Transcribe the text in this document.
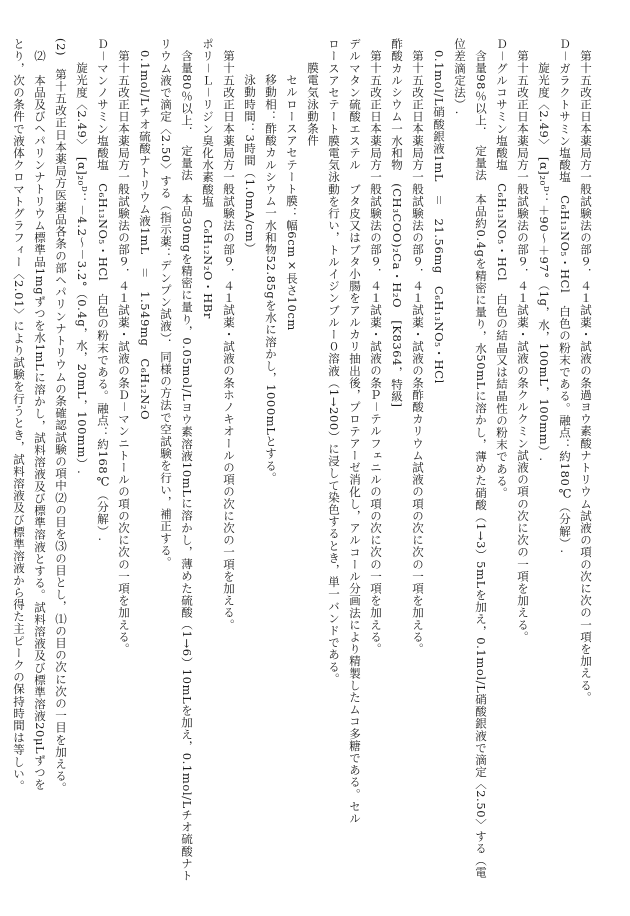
第十五改正日本薬局方一般試験法の部９．４１試薬・試液の条過ヨウ素酸ナトリウム試液の項の次に次の一項を加える。
Ｄ－ガラクトサミン塩酸塩　C₆H₁₃NO₅・HCl　白色の粉末である。融点：約180℃（分解）.
旋光度〈2.49〉　[α]₂₀ᴰ：＋90～＋97°（1g，水，100mL，100mm）.
第十五改正日本薬局方一般試験法の部９．４１試薬・試液の条クルクミン試液の項の次に次の一項を加える。
Ｄ－グルコサミン塩酸塩　C₆H₁₃NO₅・HCl　白色の結晶又は結晶性の粉末である。
含量98％以上．　定量法　本品約0.4gを精密に量り，水50mLに溶かし，薄めた硝酸（1→3）5mLを加え，0.1mol/L硝酸銀液で滴定〈2.50〉する（電
位差滴定法）.
0.1mol/L硝酸銀液1mL　＝　21.56mg　C₆H₁₃NO₅・HCl
第十五改正日本薬局方一般試験法の部９．４１試薬・試液の条酢酸カリウム試液の項の次に次の一項を加える。
酢酸カルシウム一水和物　(CH₃COO)₂Ca・H₂O　[K8364，特級]
第十五改正日本薬局方一般試験法の部９．４１試薬・試液の条ｐ－テルフェニルの項の次に次の一項を加える。
デルマタン硫酸エステル　ブタ皮又はブタ小腸をアルカリ抽出後，プロテアーゼ消化し，アルコール分画法により精製したムコ多糖である。セル
ロースアセテート膜電気泳動を行い，トルイジンブルー０溶液（1→200）に浸して染色するとき，単一バンドである。
膜電気泳動条件
セルロースアセテート膜：幅6cm×長さ10cm
移動相：酢酸カルシウム一水和物52.85gを水に溶かし，1000mLとする。
泳動時間：3時間（1.0mA/cm）
第十五改正日本薬局方一般試験法の部９．４１試薬・試液の条ホノキオールの項の次に次の一項を加える。
ポリ－Ｌ－リジン臭化水素酸塩　C₆H₁₂N₂O・HBr
含量80％以上．　定量法　本品30mgを精密に量り，0.05mol/Lヨウ素溶液10mLに溶かし，薄めた硫酸（1→6）10mLを加え，0.1mol/Lチオ硫酸ナト
リウム液で滴定〈2.50〉する（指示薬：デンプン試液）．同様の方法で空試験を行い，補正する。
0.1mol/Lチオ硫酸ナトリウム液1mL　＝　1.549mg　C₆H₁₂N₂O
第十五改正日本薬局方一般試験法の部９．４１試薬・試液の条Ｄ－マンニトールの項の次に次の一項を加える。
Ｄ－マンノサミン塩酸塩　C₆H₁₃NO₅・HCl　白色の粉末である。融点：約168℃（分解）.
旋光度〈2.49〉　[α]₂₀ᴰ：－4.2～－3.2°（0.4g，水，20mL，100mm）.
(2)　第十五改正日本薬局方医薬品各条の部ヘパリンナトリウムの条確認試験の項中⑵の目を⑶の目とし，⑴の目の次に次の一目を加える。
⑵　本品及びヘパリンナトリウム標準品1mgずつを水1mLに溶かし，試料溶液及び標準溶液とする。試料溶液及び標準溶液20μLずつを
とり，次の条件で液体クロマトグラフィー〈2.01〉により試験を行うとき，試料溶液及び標準溶液から得た主ピークの保持時間は等しい。
